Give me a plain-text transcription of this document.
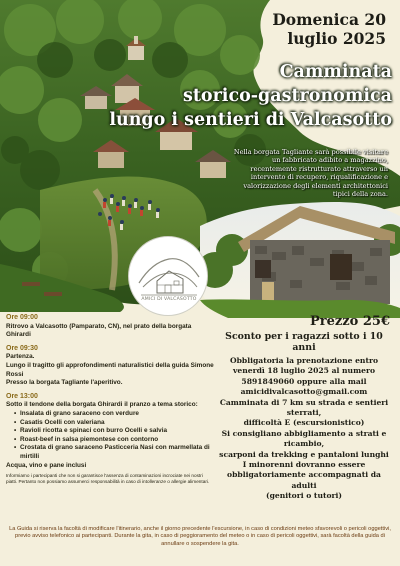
Domenica 20
luglio 2025
Camminata
storico-gastronomica
lungo i sentieri di Valcasotto
Nella borgata Tagliante sarà possibile visitare un fabbricato adibito a magazzino, recentemente ristrutturato attraverso un intervento di recupero, riqualificazione e valorizzazione degli elementi architettonici tipici della zona.
AMICI DI VALCASOTTO
Ore 09:00
Ritrovo a Valcasotto (Pamparato, CN), nel prato della borgata Ghirardi
Ore 09:30
Partenza.
Lungo il tragitto gli approfondimenti naturalistici della guida Simone Rossi
Presso la borgata Tagliante l'aperitivo.
Ore 13:00
Sotto il tendone della borgata Ghirardi il pranzo a tema storico:
• Insalata di grano saraceno con verdure
• Casatis Ocelli con valeriana
• Ravioli ricotta e spinaci con burro Ocelli e salvia
• Roast-beef in salsa piemontese con contorno
• Crostata di grano saraceno Pasticceria Nasi con marmellata di mirtilli
Acqua, vino e pane inclusi
Informiamo i partecipanti che non si garantisce l'assenza di contaminazioni incrociate nei nostri piatti. Pertanto non possiamo assumerci responsabilità in caso di intolleranze o allergie alimentari.
Prezzo 25€
Sconto per i ragazzi sotto i 10 anni
Obbligatoria la prenotazione entro
venerdì 18 luglio 2025 al numero
5891849060 oppure alla mail
amicidivalcasotto@gmail.com
Camminata di 7 km su strada e sentieri
sterrati,
difficoltà E (escursionistico)
Si consigliano abbigliamento a strati e
ricambio,
scarponi da trekking e pantaloni lunghi
I minorenni dovranno essere
obbligatoriamente accompagnati da adulti
(genitori o tutori)
La Guida si riserva la facoltà di modificare l'itinerario, anche il giorno precedente l'escursione, in caso di condizioni meteo sfavorevoli o pericoli oggettivi, previo avviso telefonico ai partecipanti. Durante la gita, in caso di peggioramento del meteo o in caso di pericoli oggettivi, sarà facoltà della guida di annullare o sospendere la gita.
